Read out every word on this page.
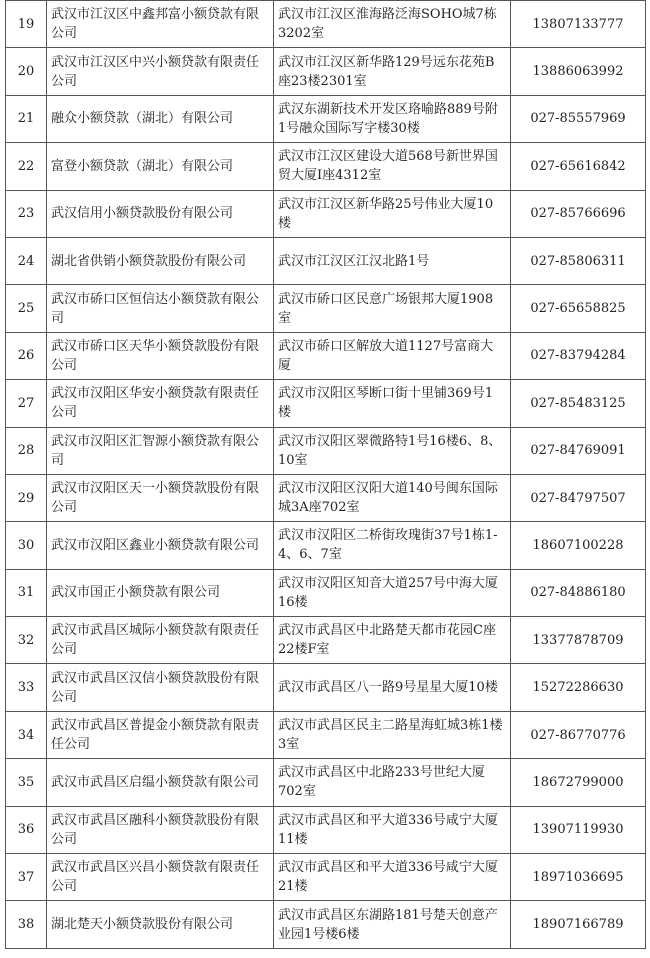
19	武汉市江汉区中鑫邦富小额贷款有限公司	武汉市江汉区淮海路泛海SOHO城7栋3202室	13807133777
20	武汉市江汉区中兴小额贷款有限责任公司	武汉市江汉区新华路129号远东花苑B座23楼2301室	13886063992
21	融众小额贷款（湖北）有限公司	武汉东湖新技术开发区珞喻路889号附1号融众国际写字楼30楼	027-85557969
22	富登小额贷款（湖北）有限公司	武汉市江汉区建设大道568号新世界国贸大厦Ⅰ座4312室	027-65616842
23	武汉信用小额贷款股份有限公司	武汉市江汉区新华路25号伟业大厦10楼	027-85766696
24	湖北省供销小额贷款股份有限公司	武汉市江汉区江汉北路1号	027-85806311
25	武汉市硚口区恒信达小额贷款有限公司	武汉市硚口区民意广场银邦大厦1908室	027-65658825
26	武汉市硚口区天华小额贷款股份有限公司	武汉市硚口区解放大道1127号富商大厦	027-83794284
27	武汉市汉阳区华安小额贷款有限责任公司	武汉市汉阳区琴断口街十里铺369号1楼	027-85483125
28	武汉市汉阳区汇智源小额贷款有限公司	武汉市汉阳区翠微路特1号16楼6、8、10室	027-84769091
29	武汉市汉阳区天一小额贷款股份有限公司	武汉市汉阳区汉阳大道140号闽东国际城3A座702室	027-84797507
30	武汉市汉阳区鑫业小额贷款有限公司	武汉市汉阳区二桥街玫瑰街37号1栋1-4、6、7室	18607100228
31	武汉市国正小额贷款有限公司	武汉市汉阳区知音大道257号中海大厦16楼	027-84886180
32	武汉市武昌区城际小额贷款有限责任公司	武汉市武昌区中北路楚天都市花园C座22楼F室	13377878709
33	武汉市武昌区汉信小额贷款股份有限公司	武汉市武昌区八一路9号星星大厦10楼	15272286630
34	武汉市武昌区普提金小额贷款有限责任公司	武汉市武昌区民主二路星海虹城3栋1楼3室	027-86770776
35	武汉市武昌区启缊小额贷款有限公司	武汉市武昌区中北路233号世纪大厦702室	18672799000
36	武汉市武昌区融科小额贷款股份有限公司	武汉市武昌区和平大道336号咸宁大厦11楼	13907119930
37	武汉市武昌区兴昌小额贷款有限责任公司	武汉市武昌区和平大道336号咸宁大厦21楼	18971036695
38	湖北楚天小额贷款股份有限公司	武汉市武昌区东湖路181号楚天创意产业园1号楼6楼	18907166789
